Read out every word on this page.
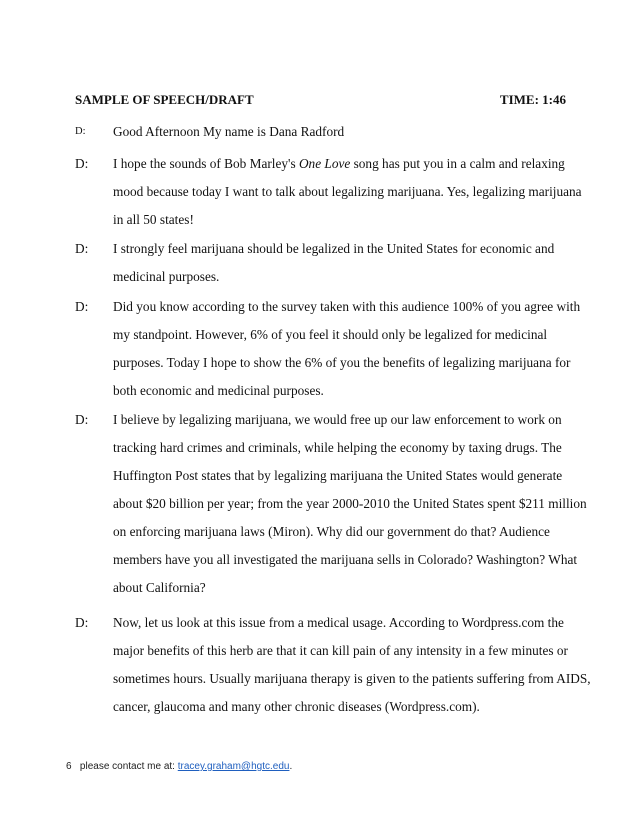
SAMPLE OF SPEECH/DRAFT	TIME: 1:46
D: Good Afternoon My name is Dana Radford
D: I hope the sounds of Bob Marley's One Love song has put you in a calm and relaxing
mood because today I want to talk about legalizing marijuana. Yes, legalizing marijuana
in all 50 states!
D: I strongly feel marijuana should be legalized in the United States for economic and
medicinal purposes.
D: Did you know according to the survey taken with this audience 100% of you agree with
my standpoint. However, 6% of you feel it should only be legalized for medicinal
purposes. Today I hope to show the 6% of you the benefits of legalizing marijuana for
both economic and medicinal purposes.
D: I believe by legalizing marijuana, we would free up our law enforcement to work on
tracking hard crimes and criminals, while helping the economy by taxing drugs. The
Huffington Post states that by legalizing marijuana the United States would generate
about $20 billion per year; from the year 2000-2010 the United States spent $211 million
on enforcing marijuana laws (Miron). Why did our government do that? Audience
members have you all investigated the marijuana sells in Colorado? Washington? What
about California?
D: Now, let us look at this issue from a medical usage. According to Wordpress.com the
major benefits of this herb are that it can kill pain of any intensity in a few minutes or
sometimes hours. Usually marijuana therapy is given to the patients suffering from AIDS,
cancer, glaucoma and many other chronic diseases (Wordpress.com).
6 please contact me at: tracey.graham@hgtc.edu.
